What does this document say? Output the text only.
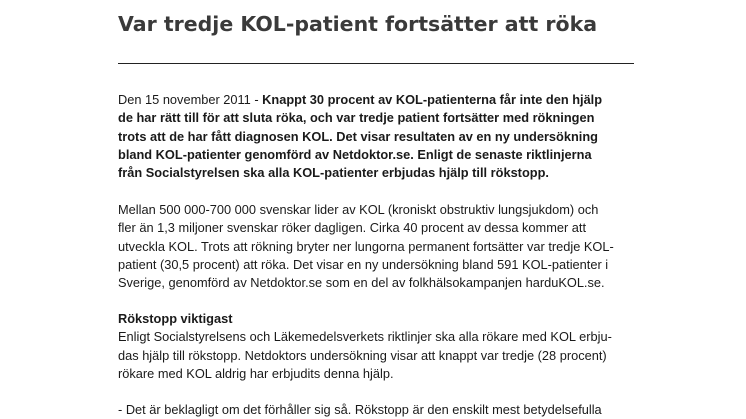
Var tredje KOL-patient fortsätter att röka
Den 15 november 2011 - Knappt 30 procent av KOL-patienterna får inte den hjälp
de har rätt till för att sluta röka, och var tredje patient fortsätter med rökningen
trots att de har fått diagnosen KOL. Det visar resultaten av en ny undersökning
bland KOL-patienter genomförd av Netdoktor.se. Enligt de senaste riktlinjerna
från Socialstyrelsen ska alla KOL-patienter erbjudas hjälp till rökstopp.
Mellan 500 000-700 000 svenskar lider av KOL (kroniskt obstruktiv lungsjukdom) och
fler än 1,3 miljoner svenskar röker dagligen. Cirka 40 procent av dessa kommer att
utveckla KOL. Trots att rökning bryter ner lungorna permanent fortsätter var tredje KOL-
patient (30,5 procent) att röka. Det visar en ny undersökning bland 591 KOL-patienter i
Sverige, genomförd av Netdoktor.se som en del av folkhälsokampanjen harduKOL.se.
Rökstopp viktigast
Enligt Socialstyrelsens och Läkemedelsverkets riktlinjer ska alla rökare med KOL erbju-
das hjälp till rökstopp. Netdoktors undersökning visar att knappt var tredje (28 procent)
rökare med KOL aldrig har erbjudits denna hjälp.
- Det är beklagligt om det förhåller sig så. Rökstopp är den enskilt mest betydelsefulla
